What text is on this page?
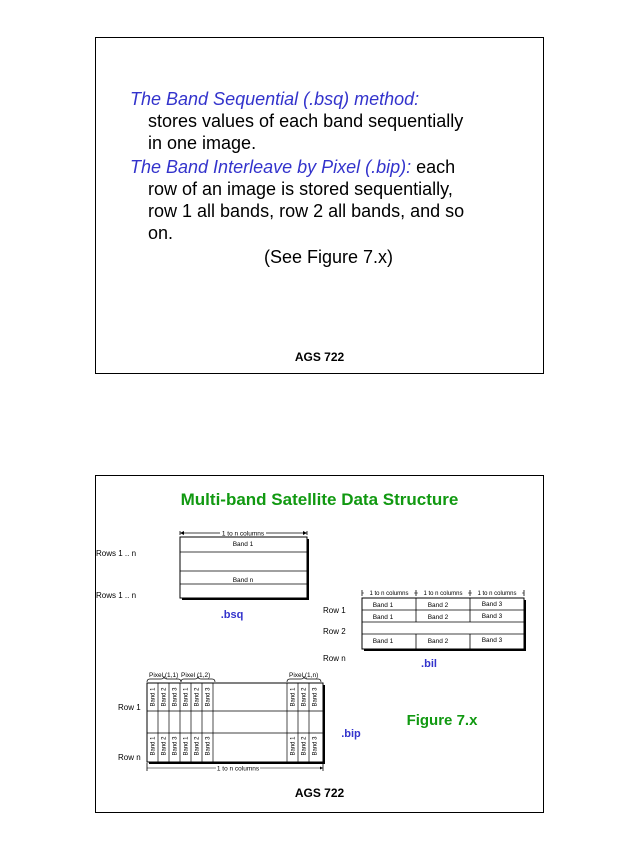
The Band Sequential (.bsq) method:
stores values of each band sequentially
in one image.
The Band Interleave by Pixel (.bip): each
row of an image is stored sequentially,
row 1 all bands, row 2 all bands, and so
on.
(See Figure 7.x)
AGS 722
Multi-band Satellite Data Structure
AGS 722
1 to n columns
Band 1
Band n
Rows 1 .. n
Rows 1 .. n
.bsq
1 to n columns 1 to n columns 1 to n columns
Band 1	Band 2	Band 3
Band 1	Band 2	Band 3
Band 1	Band 2	Band 3
Row 1
Row 2
Row n	.bil
Pixel (1,1) Pixel (1,2)	Pixel (1,n)
Band 1 Band 2 Band 3 Band 1 Band 2 Band 3	Band 1 Band 2 Band 3
Band 1 Band 2 Band 3 Band 1 Band 2 Band 3	Band 1 Band 2 Band 3
Row 1
Row n
1 to n columns
.bip
Figure 7.x
